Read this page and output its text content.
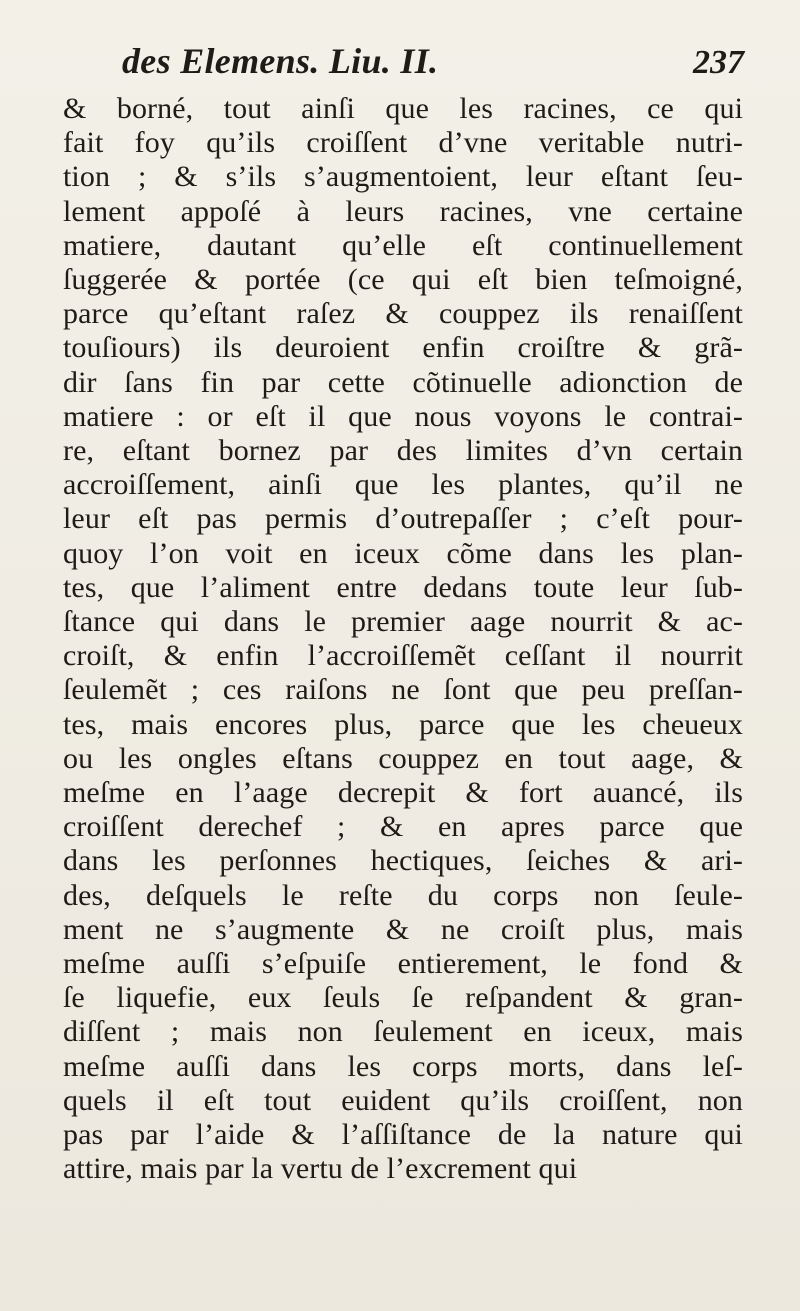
des Elemens. Liu. II.	237
& borné, tout ainſi que les racines, ce qui
fait foy qu’ils croiſſent d’vne veritable nutri-
tion ; & s’ils s’augmentoient, leur eſtant ſeu-
lement appoſé à leurs racines, vne certaine
matiere, dautant qu’elle eſt continuellement
ſuggerée & portée (ce qui eſt bien teſmoigné,
parce qu’eſtant raſez & couppez ils renaiſſent
touſiours) ils deuroient enfin croiſtre & grã-
dir ſans fin par cette cõtinuelle adionction de
matiere : or eſt il que nous voyons le contrai-
re, eſtant bornez par des limites d’vn certain
accroiſſement, ainſi que les plantes, qu’il ne
leur eſt pas permis d’outrepaſſer ; c’eſt pour-
quoy l’on voit en iceux cõme dans les plan-
tes, que l’aliment entre dedans toute leur ſub-
ſtance qui dans le premier aage nourrit & ac-
croiſt, & enfin l’accroiſſemẽt ceſſant il nourrit
ſeulemẽt ; ces raiſons ne ſont que peu preſſan-
tes, mais encores plus, parce que les cheueux
ou les ongles eſtans couppez en tout aage, &
meſme en l’aage decrepit & fort auancé, ils
croiſſent derechef ; & en apres parce que
dans les perſonnes hectiques, ſeiches & ari-
des, deſquels le reſte du corps non ſeule-
ment ne s’augmente & ne croiſt plus, mais
meſme auſſi s’eſpuiſe entierement, le fond &
ſe liquefie, eux ſeuls ſe reſpandent & gran-
diſſent ; mais non ſeulement en iceux, mais
meſme auſſi dans les corps morts, dans leſ-
quels il eſt tout euident qu’ils croiſſent, non
pas par l’aide & l’aſſiſtance de la nature qui
attire, mais par la vertu de l’excrement qui
